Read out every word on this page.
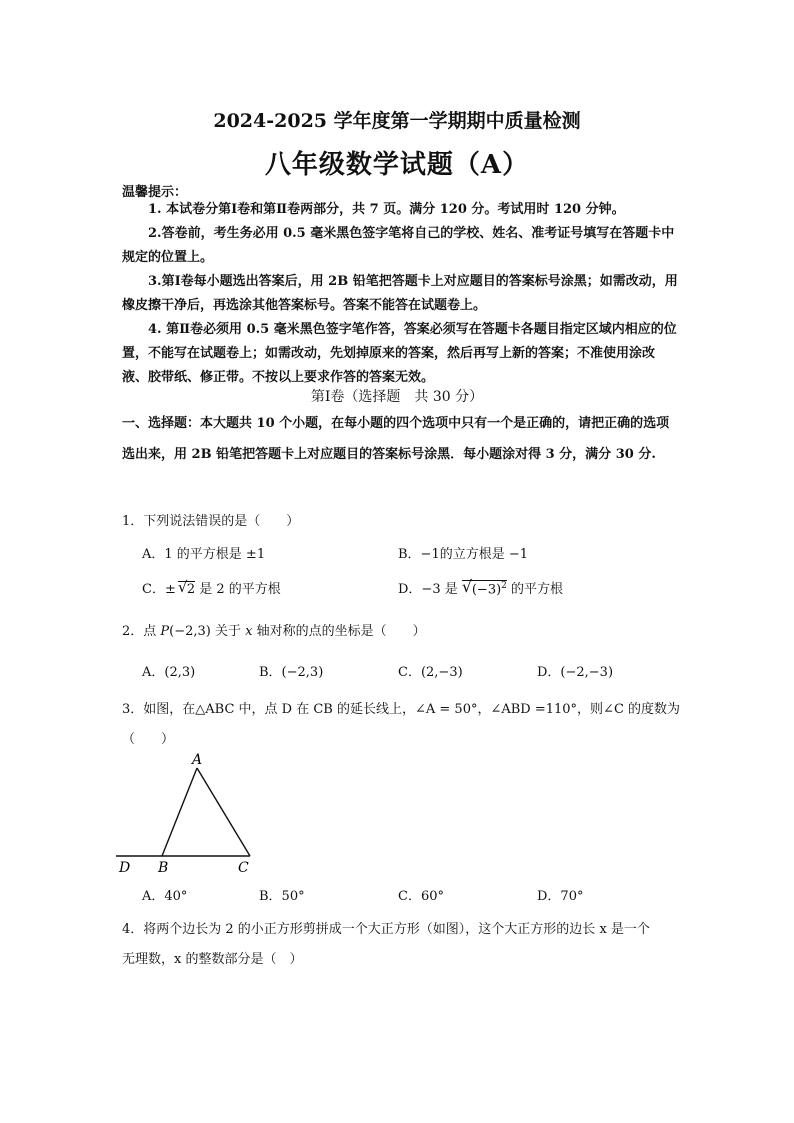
2024-2025 学年度第一学期期中质量检测
八年级数学试题（A）
温馨提示：
1. 本试卷分第Ⅰ卷和第Ⅱ卷两部分，共 7 页。满分 120 分。考试用时 120 分钟。
2.答卷前，考生务必用 0.5 毫米黑色签字笔将自己的学校、姓名、准考证号填写在答题卡中规定的位置上。
3.第Ⅰ卷每小题选出答案后，用 2B 铅笔把答题卡上对应题目的答案标号涂黑；如需改动，用橡皮擦干净后，再选涂其他答案标号。答案不能答在试题卷上。
4. 第Ⅱ卷必须用 0.5 毫米黑色签字笔作答，答案必须写在答题卡各题目指定区域内相应的位置，不能写在试题卷上；如需改动，先划掉原来的答案，然后再写上新的答案；不准使用涂改液、胶带纸、修正带。不按以上要求作答的答案无效。
第Ⅰ卷（选择题　共 30 分）
一、选择题：本大题共 10 个小题，在每小题的四个选项中只有一个是正确的，请把正确的选项选出来，用 2B 铅笔把答题卡上对应题目的答案标号涂黑．每小题涂对得 3 分，满分 30 分.
1．下列说法错误的是（　　）
A．1 的平方根是 ±1	B．−1的立方根是 −1
C．± √ 2 是 2 的平方根	D．−3 是 √ $(-3)^2$ 的平方根
2．点 P(−2,3) 关于 x 轴对称的点的坐标是（　　）
A．(2,3)	B．(−2,3)	C．(2,−3)	D．(−2,−3)
3．如图，在△ABC 中，点 D 在 CB 的延长线上，∠A = 50°，∠ABD =110°，则∠C 的度数为
（　　）
A
B	C
D
A．40°	B．50°	C．60°	D．70°
4．将两个边长为 2 的小正方形剪拼成一个大正方形（如图），这个大正方形的边长 x 是一个
无理数，x 的整数部分是（　）
